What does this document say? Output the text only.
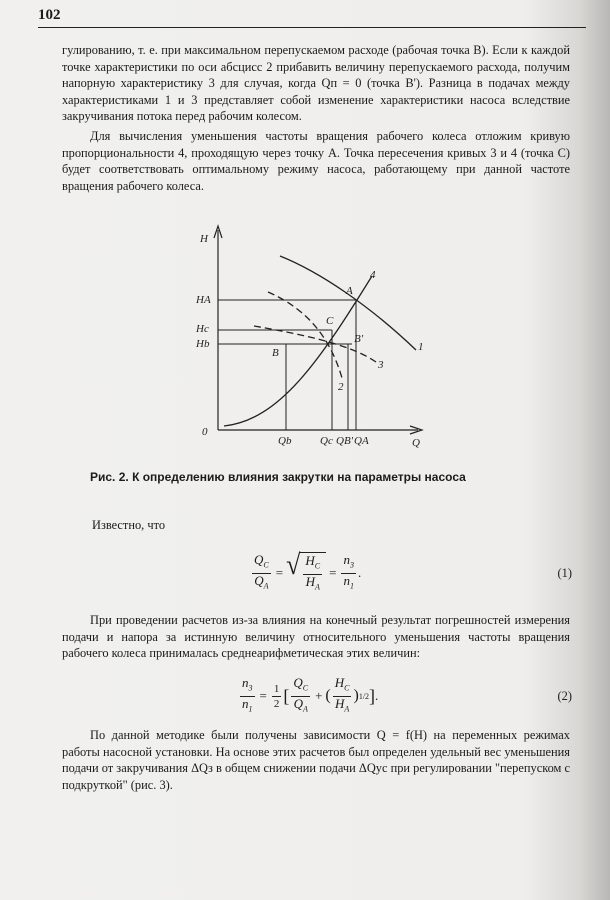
102

гулированию, т. е. при максимальном перепускаемом расходе (рабочая точка В). Если к каждой точке характеристики по оси абсцисс 2 прибавить величину перепускаемого расхода, получим напорную характеристику 3 для случая, когда Qп = 0 (точка В'). Разница в подачах между характеристиками 1 и 3 представляет собой изменение характеристики насоса вследствие закручивания потока перед рабочим колесом.

Для вычисления уменьшения частоты вращения рабочего колеса отложим кривую пропорциональности 4, проходящую через точку А. Точка пересечения кривых 3 и 4 (точка С) будет соответствовать оптимальному режиму насоса, работающему при данной частоте вращения рабочего колеса.

H
Q
0
HA
Hc
Hb
Qb	Qc QB' QA
A
C
B
B'
1
2
3
4
Рис. 2. К определению влияния закрутки на параметры насоса
Известно, что
$\frac{Q_C}{Q_A}$ = √ $\frac{H_C}{H_A} = \frac{n_3}{n_1}$ .	(1)

При проведении расчетов из-за влияния на конечный результат погрешностей измерения подачи и напора за истинную величину относительного уменьшения частоты вращения рабочего колеса принималась среднеарифметическая этих величин:

$\frac{n_3}{n_1} = \frac{1}{2}$ [ $\frac{Q_C}{Q_A}$ + ( $\frac{H_C}{H_A}$ ) 1/2 ] .	(2)

По данной методике были получены зависимости Q = f(H) на переменных режимах работы насосной установки. На основе этих расчетов был определен удельный вес уменьшения подачи от закручивания ΔQз в общем снижении подачи ΔQус при регулировании "перепуском с подкруткой" (рис. 3).
